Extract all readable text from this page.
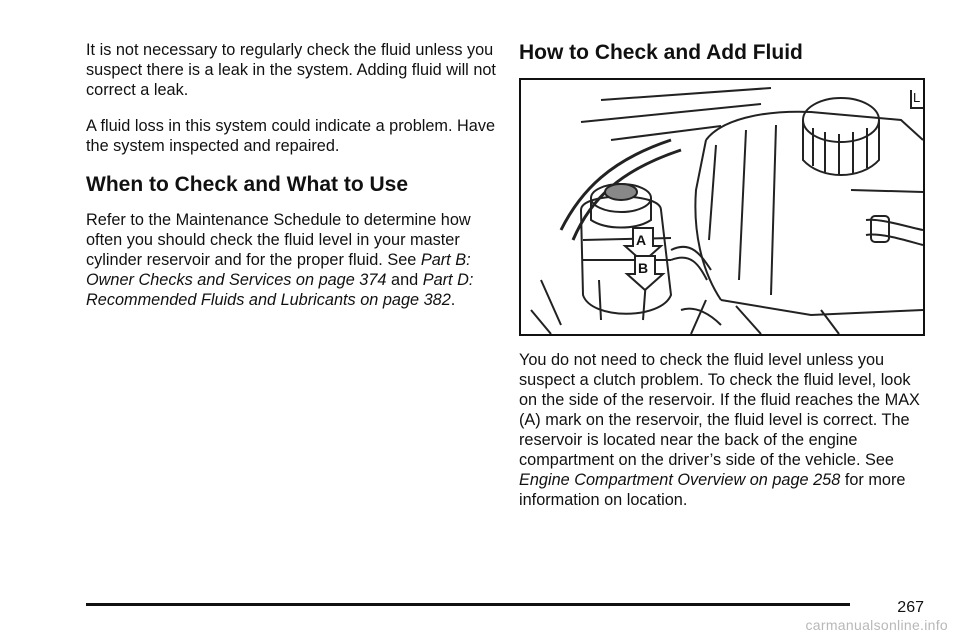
It is not necessary to regularly check the fluid unless you suspect there is a leak in the system. Adding fluid will not correct a leak.

A fluid loss in this system could indicate a problem. Have the system inspected and repaired.

When to Check and What to Use

Refer to the Maintenance Schedule to determine how often you should check the fluid level in your master cylinder reservoir and for the proper fluid. See Part B: Owner Checks and Services on page 374 and Part D: Recommended Fluids and Lubricants on page 382.

How to Check and Add Fluid
A
B
L

You do not need to check the fluid level unless you suspect a clutch problem. To check the fluid level, look on the side of the reservoir. If the fluid reaches the MAX (A) mark on the reservoir, the fluid level is correct. The reservoir is located near the back of the engine compartment on the driver’s side of the vehicle. See Engine Compartment Overview on page 258 for more information on location.

267
carmanualsonline.info
